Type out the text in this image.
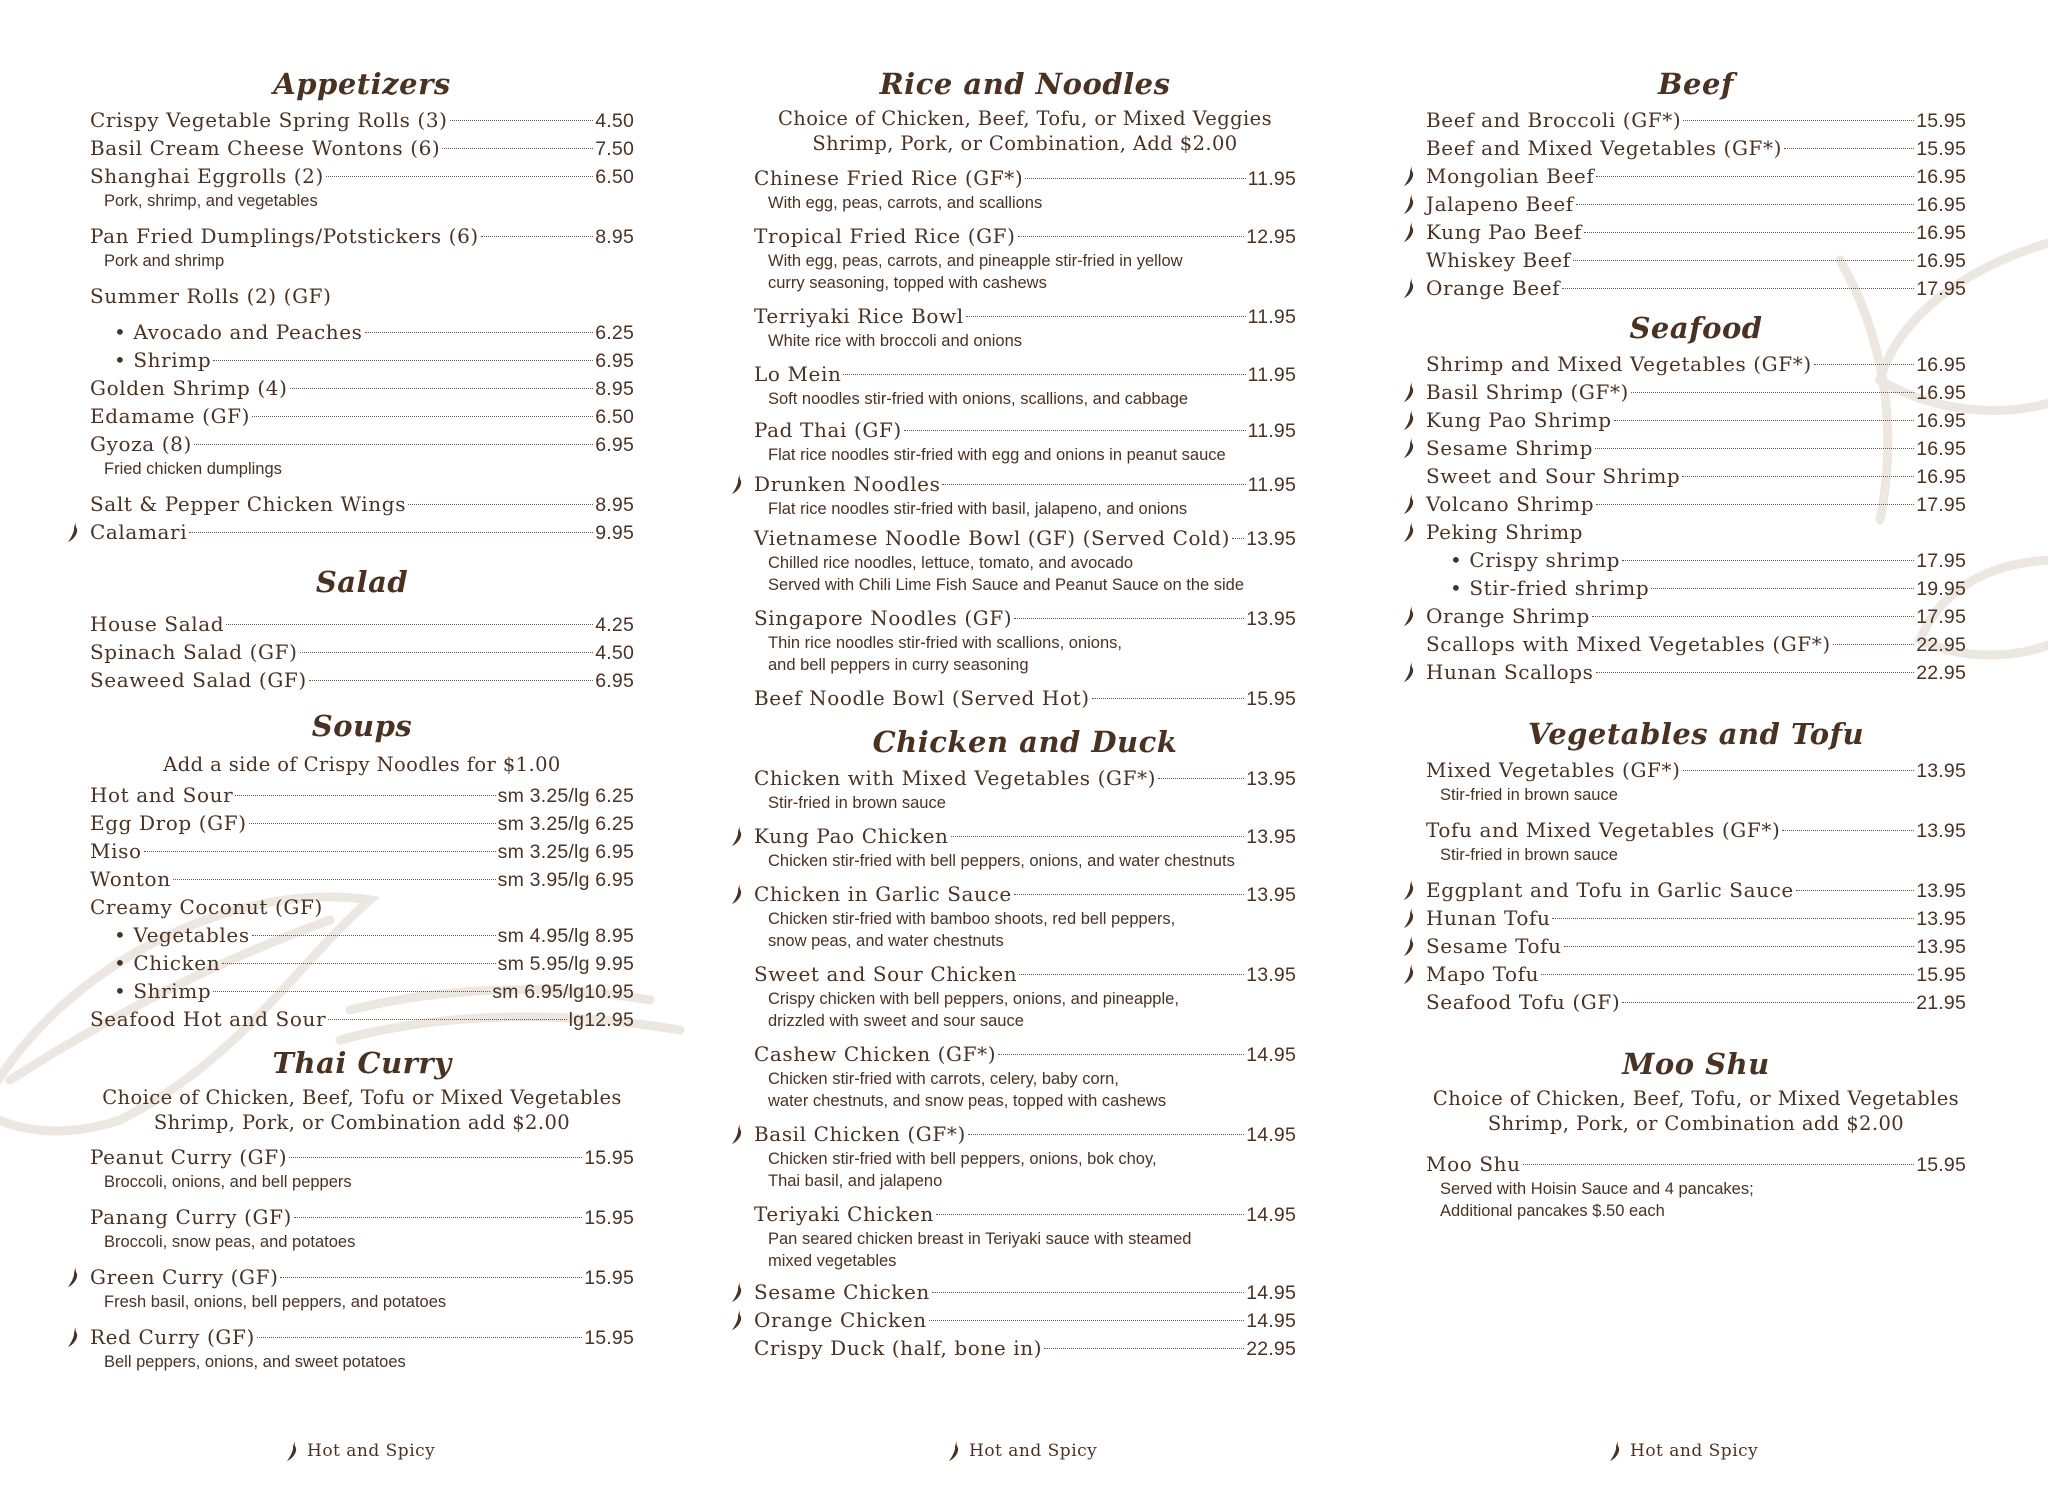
Appetizers
Crispy Vegetable Spring Rolls (3)	4.50
Basil Cream Cheese Wontons (6)	7.50
Shanghai Eggrolls (2)	6.50
Pork, shrimp, and vegetables
Pan Fried Dumplings/Potstickers (6)	8.95
Pork and shrimp
Summer Rolls (2) (GF)
• Avocado and Peaches	6.25
• Shrimp	6.95
Golden Shrimp (4)	8.95
Edamame (GF)	6.50
Gyoza (8)	6.95
Fried chicken dumplings
Salt & Pepper Chicken Wings	8.95
Calamari	9.95
Salad
House Salad	4.25
Spinach Salad (GF)	4.50
Seaweed Salad (GF)	6.95
Soups
Add a side of Crispy Noodles for $1.00
Hot and Sour	sm 3.25/lg 6.25
Egg Drop (GF)	sm 3.25/lg 6.25
Miso	sm 3.25/lg 6.95
Wonton	sm 3.95/lg 6.95
Creamy Coconut (GF)
• Vegetables	sm 4.95/lg 8.95
• Chicken	sm 5.95/lg 9.95
• Shrimp	sm 6.95/lg10.95
Seafood Hot and Sour	lg12.95
Thai Curry
Choice of Chicken, Beef, Tofu or Mixed Vegetables
Shrimp, Pork, or Combination add $2.00
Peanut Curry (GF)	15.95
Broccoli, onions, and bell peppers
Panang Curry (GF)	15.95
Broccoli, snow peas, and potatoes
Green Curry (GF)	15.95
Fresh basil, onions, bell peppers, and potatoes
Red Curry (GF)	15.95
Bell peppers, onions, and sweet potatoes
Rice and Noodles
Choice of Chicken, Beef, Tofu, or Mixed Veggies
Shrimp, Pork, or Combination, Add $2.00
Chinese Fried Rice (GF*)	11.95
With egg, peas, carrots, and scallions
Tropical Fried Rice (GF)	12.95
With egg, peas, carrots, and pineapple stir-fried in yellow
curry seasoning, topped with cashews
Terriyaki Rice Bowl	11.95
White rice with broccoli and onions
Lo Mein	11.95
Soft noodles stir-fried with onions, scallions, and cabbage
Pad Thai (GF)	11.95
Flat rice noodles stir-fried with egg and onions in peanut sauce
Drunken Noodles	11.95
Flat rice noodles stir-fried with basil, jalapeno, and onions
Vietnamese Noodle Bowl (GF) (Served Cold) 13.95
Chilled rice noodles, lettuce, tomato, and avocado
Served with Chili Lime Fish Sauce and Peanut Sauce on the side
Singapore Noodles (GF)	13.95
Thin rice noodles stir-fried with scallions, onions,
and bell peppers in curry seasoning
Beef Noodle Bowl (Served Hot)	15.95
Chicken and Duck
Chicken with Mixed Vegetables (GF*)	13.95
Stir-fried in brown sauce
Kung Pao Chicken	13.95
Chicken stir-fried with bell peppers, onions, and water chestnuts
Chicken in Garlic Sauce	13.95
Chicken stir-fried with bamboo shoots, red bell peppers,
snow peas, and water chestnuts
Sweet and Sour Chicken	13.95
Crispy chicken with bell peppers, onions, and pineapple,
drizzled with sweet and sour sauce
Cashew Chicken (GF*)	14.95
Chicken stir-fried with carrots, celery, baby corn,
water chestnuts, and snow peas, topped with cashews
Basil Chicken (GF*)	14.95
Chicken stir-fried with bell peppers, onions, bok choy,
Thai basil, and jalapeno
Teriyaki Chicken	14.95
Pan seared chicken breast in Teriyaki sauce with steamed
mixed vegetables
Sesame Chicken	14.95
Orange Chicken	14.95
Crispy Duck (half, bone in)	22.95
Beef
Beef and Broccoli (GF*)	15.95
Beef and Mixed Vegetables (GF*)	15.95
Mongolian Beef	16.95
Jalapeno Beef	16.95
Kung Pao Beef	16.95
Whiskey Beef	16.95
Orange Beef	17.95
Seafood
Shrimp and Mixed Vegetables (GF*)	16.95
Basil Shrimp (GF*)	16.95
Kung Pao Shrimp	16.95
Sesame Shrimp	16.95
Sweet and Sour Shrimp	16.95
Volcano Shrimp	17.95
Peking Shrimp
• Crispy shrimp	17.95
• Stir-fried shrimp	19.95
Orange Shrimp	17.95
Scallops with Mixed Vegetables (GF*)	22.95
Hunan Scallops	22.95
Vegetables and Tofu
Mixed Vegetables (GF*)	13.95
Stir-fried in brown sauce
Tofu and Mixed Vegetables (GF*)	13.95
Stir-fried in brown sauce
Eggplant and Tofu in Garlic Sauce	13.95
Hunan Tofu	13.95
Sesame Tofu	13.95
Mapo Tofu	15.95
Seafood Tofu (GF)	21.95
Moo Shu
Choice of Chicken, Beef, Tofu, or Mixed Vegetables
Shrimp, Pork, or Combination add $2.00
Moo Shu	15.95
Served with Hoisin Sauce and 4 pancakes;
Additional pancakes $.50 each
Hot and Spicy	Hot and Spicy	Hot and Spicy
